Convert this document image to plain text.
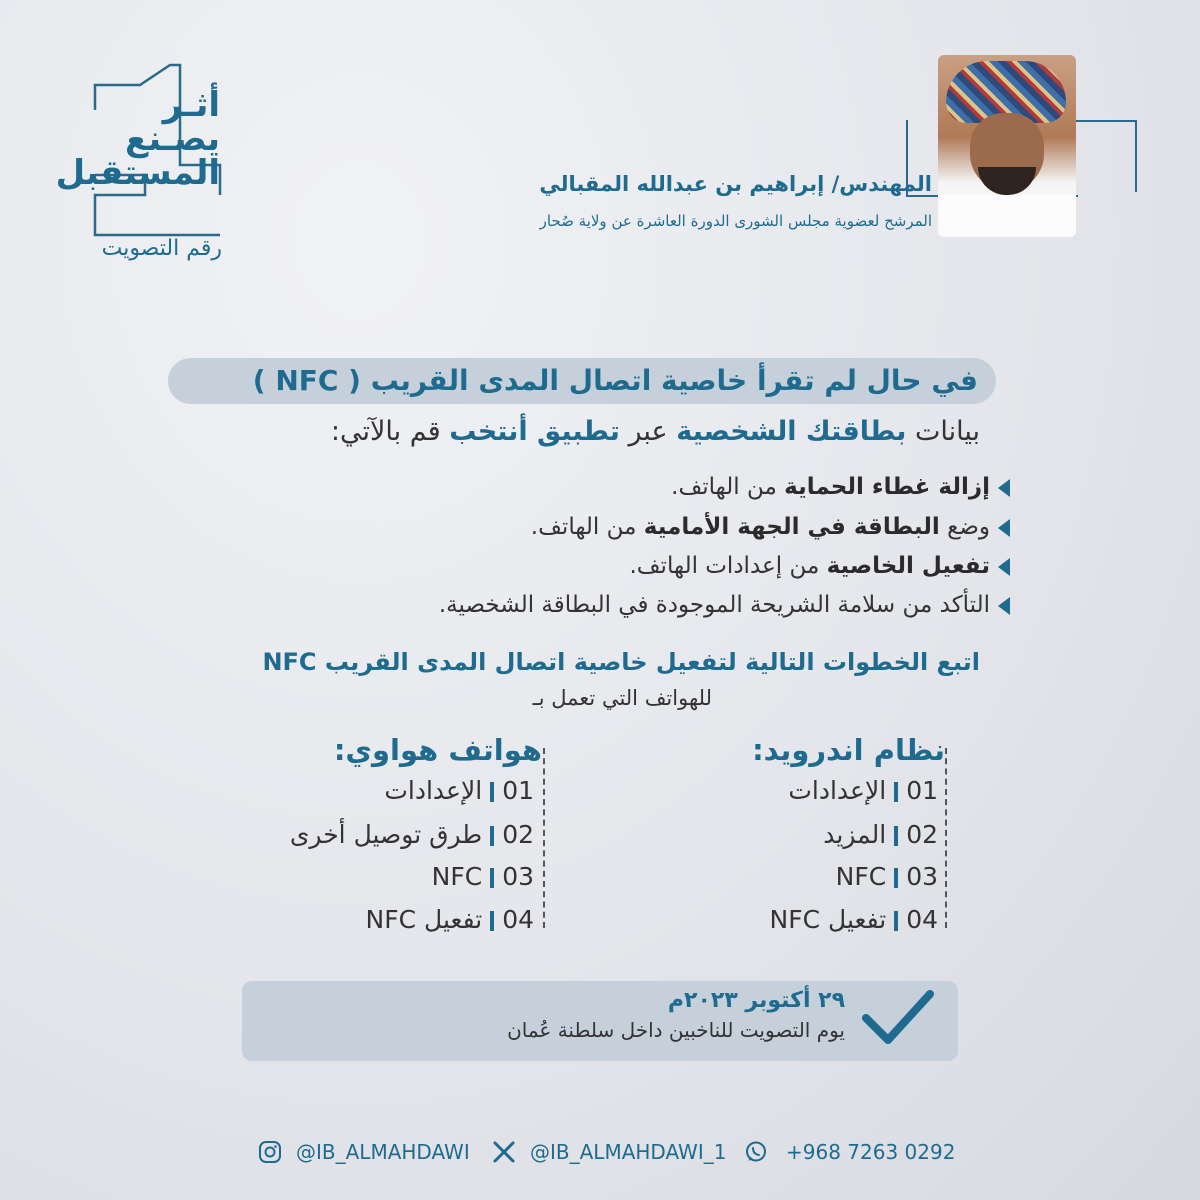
أثـر
يصـنع
المستقبل
رقم التصويت
المهندس/ إبراهيم بن عبدالله المقبالي
المرشح لعضوية مجلس الشورى الدورة العاشرة عن ولاية صُحار
في حال لم تقرأ خاصية اتصال المدى القريب ( NFC )
بيانات بطاقتك الشخصية عبر تطبيق أنتخب قم بالآتي:
إزالة غطاء الحماية من الهاتف.
وضع البطاقة في الجهة الأمامية من الهاتف.
تفعيل الخاصية من إعدادات الهاتف.
التأكد من سلامة الشريحة الموجودة في البطاقة الشخصية.
اتبع الخطوات التالية لتفعيل خاصية اتصال المدى القريب NFC
للهواتف التي تعمل بـ
نظام اندرويد:
01الإعدادات
02المزيد
03NFC
04تفعيل NFC
هواتف هواوي:
01الإعدادات
02طرق توصيل أخرى
03NFC
04تفعيل NFC
٢٩ أكتوبر ٢٠٢٣م
يوم التصويت للناخبين داخل سلطنة عُمان
@IB_ALMAHDAWI	@IB_ALMAHDAWI_1	+968 7263 0292
